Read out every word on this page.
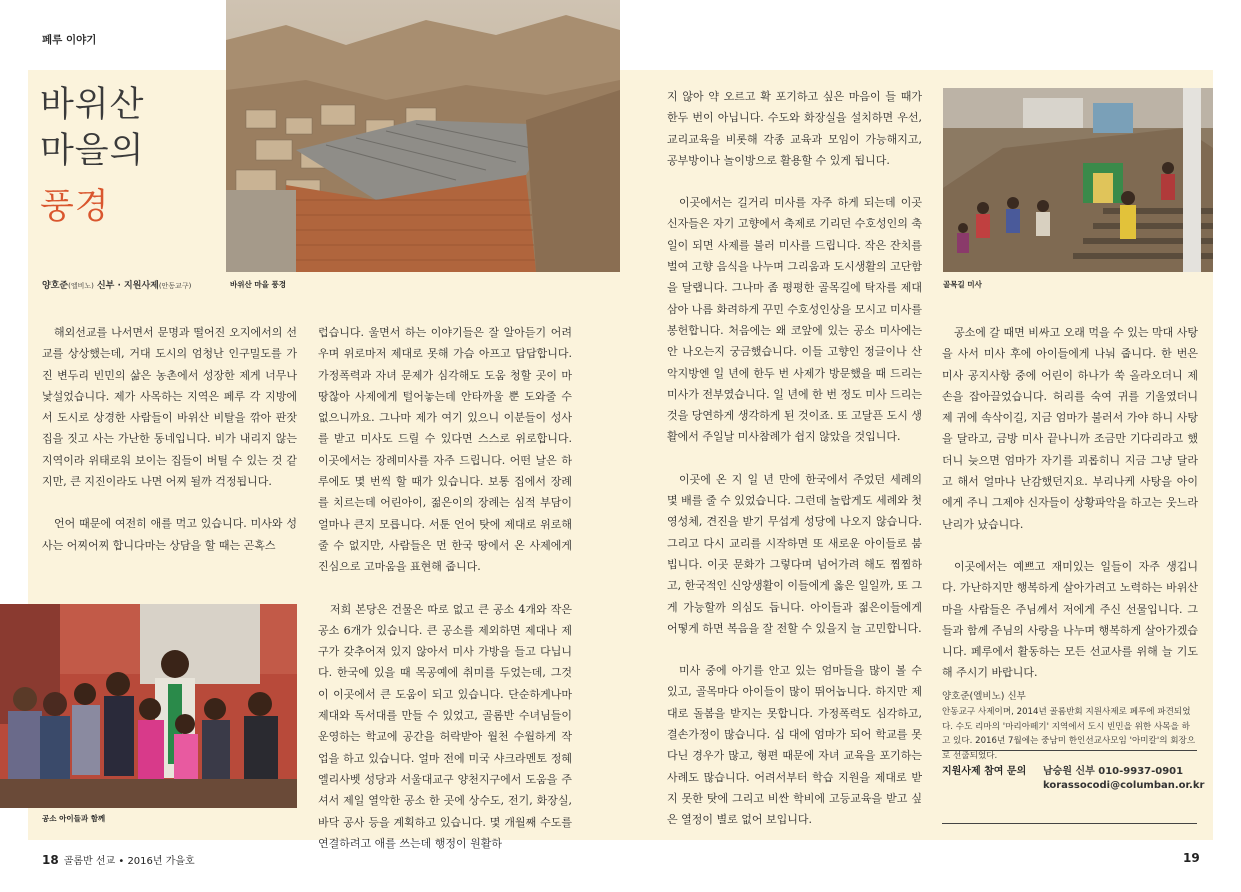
페루 이야기
바위산
마을의
풍경
양호준(엘비노) 신부 · 지원사제(안동교구)	바위산 마을 풍경	골목길 미사
공소 아이들과 함께

해외선교를 나서면서 문명과 떨어진 오지에서의 선교를 상상했는데, 거대 도시의 엄청난 인구밀도를 가진 변두리 빈민의 삶은 농촌에서 성장한 제게 너무나 낯설었습니다. 제가 사목하는 지역은 페루 각 지방에서 도시로 상경한 사람들이 바위산 비탈을 깎아 판잣집을 짓고 사는 가난한 동네입니다. 비가 내리지 않는 지역이라 위태로워 보이는 집들이 버틸 수 있는 것 같지만, 큰 지진이라도 나면 어찌 될까 걱정됩니다.

언어 때문에 여전히 애를 먹고 있습니다. 미사와 성사는 어찌어찌 합니다마는 상담을 할 때는 곤혹스

럽습니다. 울면서 하는 이야기들은 잘 알아듣기 어려우며 위로마저 제대로 못해 가슴 아프고 답답합니다. 가정폭력과 자녀 문제가 심각해도 도움 청할 곳이 마땅찮아 사제에게 털어놓는데 안타까울 뿐 도와줄 수 없으니까요. 그나마 제가 여기 있으니 이분들이 성사를 받고 미사도 드릴 수 있다면 스스로 위로합니다. 이곳에서는 장례미사를 자주 드립니다. 어떤 날은 하루에도 몇 번씩 할 때가 있습니다. 보통 집에서 장례를 치르는데 어린아이, 젊은이의 장례는 심적 부담이 얼마나 큰지 모릅니다. 서툰 언어 탓에 제대로 위로해 줄 수 없지만, 사람들은 먼 한국 땅에서 온 사제에게 진심으로 고마움을 표현해 줍니다.

저희 본당은 건물은 따로 없고 큰 공소 4개와 작은 공소 6개가 있습니다. 큰 공소를 제외하면 제대나 제구가 갖추어져 있지 않아서 미사 가방을 들고 다닙니다. 한국에 있을 때 목공예에 취미를 두었는데, 그것이 이곳에서 큰 도움이 되고 있습니다. 단순하게나마 제대와 독서대를 만들 수 있었고, 골롬반 수녀님들이 운영하는 학교에 공간을 허락받아 월천 수월하게 작업을 하고 있습니다. 얼마 전에 미국 샤크라멘토 정혜엘리사벳 성당과 서울대교구 양천지구에서 도움을 주셔서 제일 열악한 공소 한 곳에 상수도, 전기, 화장실, 바닥 공사 등을 계획하고 있습니다. 몇 개월째 수도를 연결하려고 애를 쓰는데 행정이 원활하

지 않아 약 오르고 확 포기하고 싶은 마음이 들 때가 한두 번이 아닙니다. 수도와 화장실을 설치하면 우선, 교리교육을 비롯해 각종 교육과 모임이 가능해지고, 공부방이나 놀이방으로 활용할 수 있게 됩니다.

이곳에서는 길거리 미사를 자주 하게 되는데 이곳 신자들은 자기 고향에서 축제로 기리던 수호성인의 축일이 되면 사제를 불러 미사를 드립니다. 작은 잔치를 벌여 고향 음식을 나누며 그리움과 도시생활의 고단함을 달랩니다. 그나마 좀 평평한 골목길에 탁자를 제대 삼아 나름 화려하게 꾸민 수호성인상을 모시고 미사를 봉헌합니다. 처음에는 왜 코앞에 있는 공소 미사에는 안 나오는지 궁금했습니다. 이들 고향인 정글이나 산악지방엔 일 년에 한두 번 사제가 방문했을 때 드리는 미사가 전부였습니다. 일 년에 한 번 정도 미사 드리는 것을 당연하게 생각하게 된 것이죠. 또 고달픈 도시 생활에서 주일날 미사참례가 쉽지 않았을 것입니다.

이곳에 온 지 일 년 만에 한국에서 주었던 세례의 몇 배를 줄 수 있었습니다. 그런데 놀랍게도 세례와 첫영성체, 견진을 받기 무섭게 성당에 나오지 않습니다. 그리고 다시 교리를 시작하면 또 새로운 아이들로 붐빕니다. 이곳 문화가 그렇다며 넘어가려 해도 찜찜하고, 한국적인 신앙생활이 이들에게 옳은 일일까, 또 그게 가능할까 의심도 듭니다. 아이들과 젊은이들에게 어떻게 하면 복음을 잘 전할 수 있을지 늘 고민합니다.

미사 중에 아기를 안고 있는 엄마들을 많이 볼 수 있고, 골목마다 아이들이 많이 뛰어놉니다. 하지만 제대로 돌봄을 받지는 못합니다. 가정폭력도 심각하고, 결손가정이 많습니다. 십 대에 엄마가 되어 학교를 못 다닌 경우가 많고, 형편 때문에 자녀 교육을 포기하는 사례도 많습니다. 어려서부터 학습 지원을 제대로 받지 못한 탓에 그리고 비싼 학비에 고등교육을 받고 싶은 열정이 별로 없어 보입니다.

공소에 갈 때면 비싸고 오래 먹을 수 있는 막대 사탕을 사서 미사 후에 아이들에게 나눠 줍니다. 한 번은 미사 공지사항 중에 어린이 하나가 쑥 올라오더니 제 손을 잡아끌었습니다. 허리를 숙여 귀를 기울였더니 제 귀에 속삭이길, 지금 엄마가 불러서 가야 하니 사탕을 달라고, 금방 미사 끝나니까 조금만 기다리라고 했더니 늦으면 엄마가 자기를 괴롭히니 지금 그냥 달라고 해서 얼마나 난감했던지요. 부리나케 사탕을 아이에게 주니 그제야 신자들이 상황파악을 하고는 웃느라 난리가 났습니다.

이곳에서는 예쁘고 재미있는 일들이 자주 생깁니다. 가난하지만 행복하게 살아가려고 노력하는 바위산 마을 사람들은 주님께서 저에게 주신 선물입니다. 그들과 함께 주님의 사랑을 나누며 행복하게 살아가겠습니다. 페루에서 활동하는 모든 선교사를 위해 늘 기도해 주시기 바랍니다.

양호준(엘비노) 신부
안동교구 사제이며, 2014년 골롬반회 지원사제로 페루에 파견되었다. 수도 리마의 '마리아떼기' 지역에서 도시 빈민을 위한 사목을 하고 있다. 2016년 7월에는 중남미 한인선교사모임 '아미칼'의 회장으로 선출되었다.
지원사제 참여 문의 남승원 신부 010-9937-0901
korassocodi@columban.or.kr
18 골롬반 선교 • 2016년 가을호	19
